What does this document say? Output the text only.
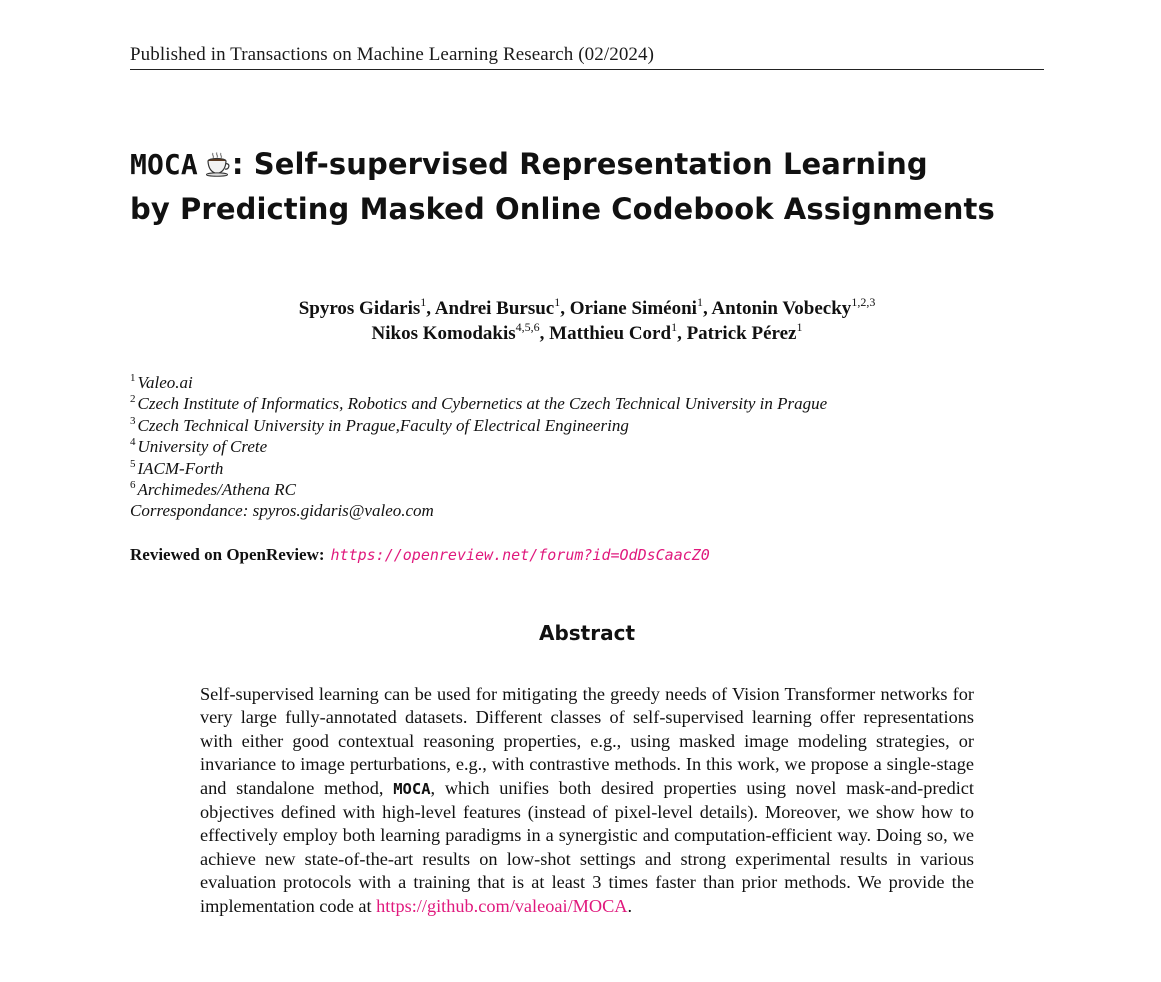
Published in Transactions on Machine Learning Research (02/2024)
MOCA : Self-supervised Representation Learning
by Predicting Masked Online Codebook Assignments
Spyros Gidaris$^1$, Andrei Bursuc$^1$, Oriane Siméoni$^1$, Antonin Vobecky$^{1,2,3}$
Nikos Komodakis$^{4,5,6}$, Matthieu Cord$^1$, Patrick Pérez$^1$
$^1$ Valeo.ai
$^2$ Czech Institute of Informatics, Robotics and Cybernetics at the Czech Technical University in Prague
$^3$ Czech Technical University in Prague,Faculty of Electrical Engineering
$^4$ University of Crete
$^5$ IACM-Forth
$^6$ Archimedes/Athena RC
Correspondance: spyros.gidaris@valeo.com
Reviewed on OpenReview: https://openreview.net/forum?id=OdDsCaacZ0
Abstract
Self-supervised learning can be used for mitigating the greedy needs of Vision Transformer networks for very large fully-annotated datasets. Different classes of self-supervised learning offer representations with either good contextual reasoning properties, e.g., using masked image modeling strategies, or invariance to image perturbations, e.g., with contrastive methods. In this work, we propose a single-stage and standalone method, MOCA, which unifies both desired properties using novel mask-and-predict objectives defined with high-level features (instead of pixel-level details). Moreover, we show how to effectively employ both learning paradigms in a synergistic and computation-efficient way. Doing so, we achieve new state-of-the-art results on low-shot settings and strong experimental results in various evaluation protocols with a training that is at least 3 times faster than prior methods. We provide the implementation code at https://github.com/valeoai/MOCA.
